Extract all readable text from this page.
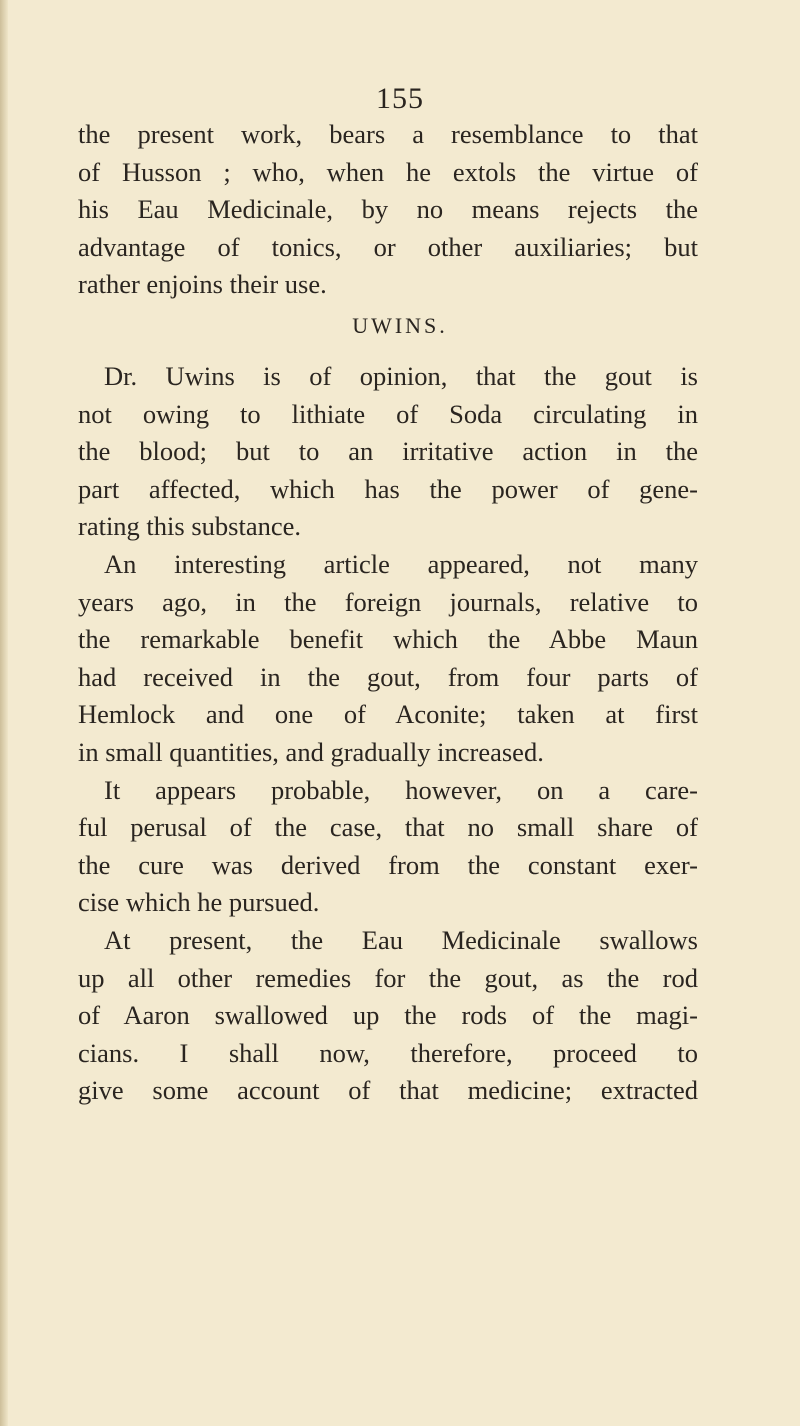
155
the present work, bears a resemblance to that
of Husson ; who, when he extols the virtue of
his Eau Medicinale, by no means rejects the
advantage of tonics, or other auxiliaries; but
rather enjoins their use.
UWINS.
Dr. Uwins is of opinion, that the gout is
not owing to lithiate of Soda circulating in
the blood; but to an irritative action in the
part affected, which has the power of gene-
rating this substance.
An interesting article appeared, not many
years ago, in the foreign journals, relative to
the remarkable benefit which the Abbe Maun
had received in the gout, from four parts of
Hemlock and one of Aconite; taken at first
in small quantities, and gradually increased.
It appears probable, however, on a care-
ful perusal of the case, that no small share of
the cure was derived from the constant exer-
cise which he pursued.
At present, the Eau Medicinale swallows
up all other remedies for the gout, as the rod
of Aaron swallowed up the rods of the magi-
cians. I shall now, therefore, proceed to
give some account of that medicine; extracted
